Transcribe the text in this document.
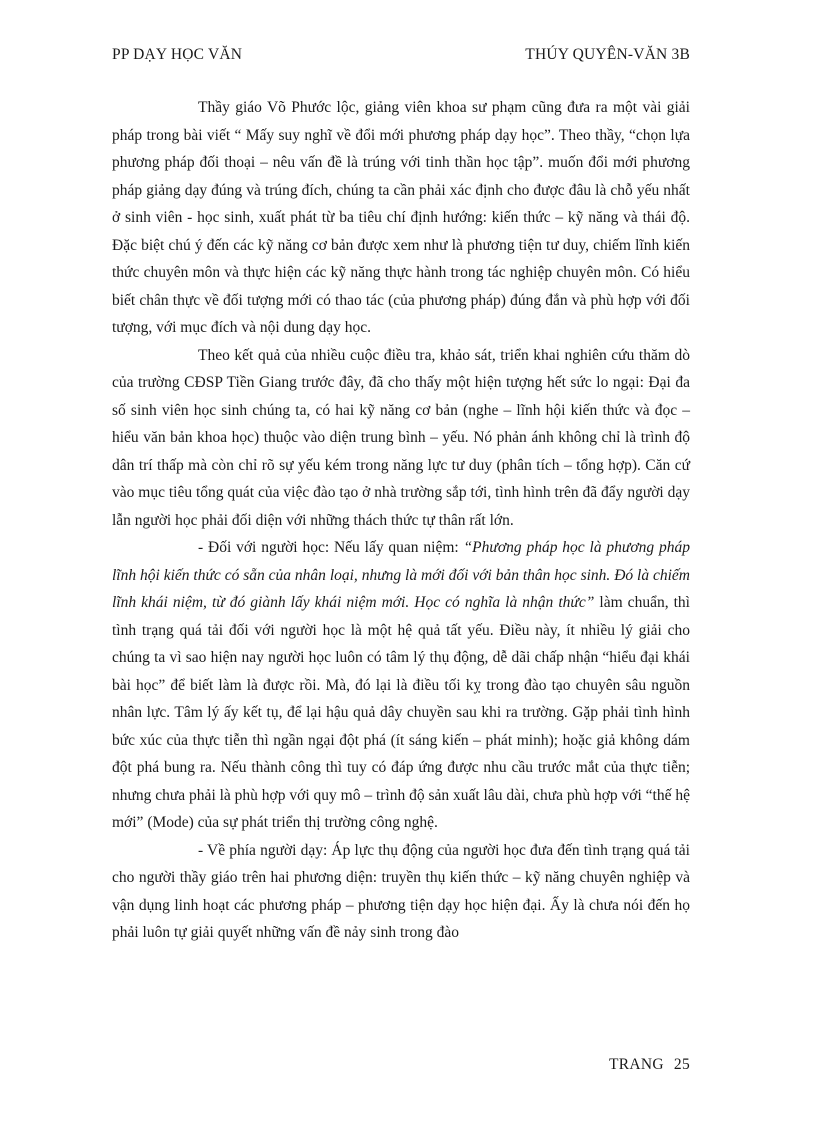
PP DẠY HỌC VĂN	THÚY QUYÊN-VĂN 3B

Thầy giáo Võ Phước lộc, giảng viên khoa sư phạm cũng đưa ra một vài giải pháp trong bài viết “ Mấy suy nghĩ về đổi mới phương pháp dạy học”. Theo thầy, “chọn lựa phương pháp đối thoại – nêu vấn đề là trúng với tinh thần học tập”. muốn đổi mới phương pháp giảng dạy đúng và trúng đích, chúng ta cần phải xác định cho được đâu là chỗ yếu nhất ở sinh viên - học sinh, xuất phát từ ba tiêu chí định hướng: kiến thức – kỹ năng và thái độ. Đặc biệt chú ý đến các kỹ năng cơ bản được xem như là phương tiện tư duy, chiếm lĩnh kiến thức chuyên môn và thực hiện các kỹ năng thực hành trong tác nghiệp chuyên môn. Có hiểu biết chân thực về đối tượng mới có thao tác (của phương pháp) đúng đắn và phù hợp với đối tượng, với mục đích và nội dung dạy học.

Theo kết quả của nhiều cuộc điều tra, khảo sát, triển khai nghiên cứu thăm dò của trường CĐSP Tiền Giang trước đây, đã cho thấy một hiện tượng hết sức lo ngại: Đại đa số sinh viên học sinh chúng ta, có hai kỹ năng cơ bản (nghe – lĩnh hội kiến thức và đọc – hiểu văn bản khoa học) thuộc vào diện trung bình – yếu. Nó phản ánh không chỉ là trình độ dân trí thấp mà còn chỉ rõ sự yếu kém trong năng lực tư duy (phân tích – tổng hợp). Căn cứ vào mục tiêu tổng quát của việc đào tạo ở nhà trường sắp tới, tình hình trên đã đẩy người dạy lẫn người học phải đối diện với những thách thức tự thân rất lớn.

- Đối với người học: Nếu lấy quan niệm: “Phương pháp học là phương pháp lĩnh hội kiến thức có sẵn của nhân loại, nhưng là mới đối với bản thân học sinh. Đó là chiếm lĩnh khái niệm, từ đó giành lấy khái niệm mới. Học có nghĩa là nhận thức” làm chuẩn, thì tình trạng quá tải đối với người học là một hệ quả tất yếu. Điều này, ít nhiều lý giải cho chúng ta vì sao hiện nay người học luôn có tâm lý thụ động, dễ dãi chấp nhận “hiểu đại khái bài học” để biết làm là được rồi. Mà, đó lại là điều tối kỵ trong đào tạo chuyên sâu nguồn nhân lực. Tâm lý ấy kết tụ, để lại hậu quả dây chuyền sau khi ra trường. Gặp phải tình hình bức xúc của thực tiễn thì ngần ngại đột phá (ít sáng kiến – phát minh); hoặc giả không dám đột phá bung ra. Nếu thành công thì tuy có đáp ứng được nhu cầu trước mắt của thực tiễn; nhưng chưa phải là phù hợp với quy mô – trình độ sản xuất lâu dài, chưa phù hợp với “thế hệ mới” (Mode) của sự phát triển thị trường công nghệ.

- Về phía người dạy: Áp lực thụ động của người học đưa đến tình trạng quá tải cho người thầy giáo trên hai phương diện: truyền thụ kiến thức – kỹ năng chuyên nghiệp và vận dụng linh hoạt các phương pháp – phương tiện dạy học hiện đại. Ấy là chưa nói đến họ phải luôn tự giải quyết những vấn đề nảy sinh trong đào

TRANG 25
